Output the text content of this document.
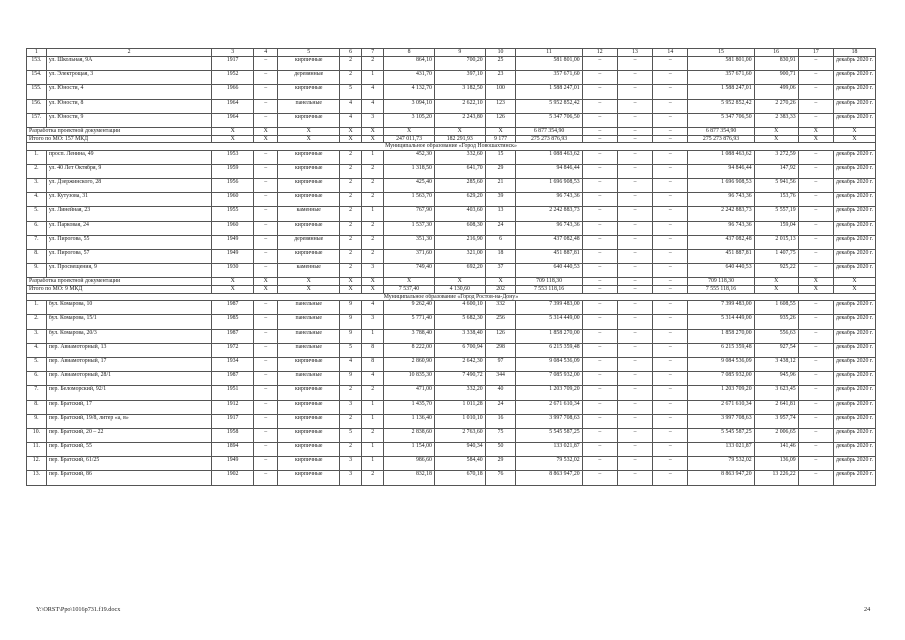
1	2	3	4	5	6	7	8	9	10	11	12	13	14	15	16	17	18
153.	ул. Школьная, 9А	1917	–	кирпичные	2	2	864,10	700,20	25	581 801,00	–	–	–	581 801,00	830,91	–	декабрь 2020 г.
154.	ул. Электрощая, 3	1952	–	деревянные	2	1	431,70	397,10	23	357 671,60	–	–	–	357 671,60	900,71	–	декабрь 2020 г.
155.	ул. Юности, 4	1966	–	кирпичные	5	4	4 132,70	3 182,50	100	1 588 247,01	–	–	–	1 588 247,01	499,06	–	декабрь 2020 г.
156.	ул. Юности, 8	1964	–	панельные	4	4	3 094,10	2 622,10	123	5 952 852,42	–	–	–	5 952 852,42	2 270,26	–	декабрь 2020 г.
157.	ул. Юности, 9	1964	–	кирпичные	4	3	3 105,20	2 243,80	126	5 347 706,50	–	–	–	5 347 706,50	2 383,33	–	декабрь 2020 г.
Разработка проектной документации		X	X	X	X	X	X	X	X	6 877 354,90	–	–	–	6 877 354,90	X	X	X
Итого по МО: 157 МКД		X	X	X	X	X	247 011,73	182 291,93	9 177	275 273 876,93	–	–	–	275 273 876,93	X	X	X
Муниципальное образование «Город Новошахтинск»																	
1.	просп. Ленина, 49	1953	–	кирпичные	2	1	452,30	332,60	15	1 088 463,62	–	–	–	1 088 463,62	3 272,59	–	декабрь 2020 г.
2.	ул. 40 Лет Октября, 9	1959	–	кирпичные	2	2	1 318,50	641,70	29	94 846,44	–	–	–	94 846,44	147,92	–	декабрь 2020 г.
3.	ул. Дзержинского, 28	1956	–	кирпичные	2	2	425,40	285,60	21	1 696 908,53	–	–	–	1 696 908,53	5 941,56	–	декабрь 2020 г.
4.	ул. Кутузова, 31	1960	–	кирпичные	2	2	1 563,70	629,20	39	96 743,36	–	–	–	96 743,36	153,76	–	декабрь 2020 г.
5.	ул. Линейная, 23	1955	–	каменные	2	1	767,90	403,60	13	2 242 883,73	–	–	–	2 242 883,73	5 557,19	–	декабрь 2020 г.
6.	ул. Парковая, 24	1960	–	кирпичные	2	2	1 537,30	608,30	24	96 743,36	–	–	–	96 743,36	159,04	–	декабрь 2020 г.
7.	ул. Пирогова, 55	1949	–	деревянные	2	2	351,30	216,90	6	437 082,48	–	–	–	437 082,48	2 015,13	–	декабрь 2020 г.
8.	ул. Пирогова, 57	1949	–	кирпичные	2	2	371,60	321,00	18	451 887,81	–	–	–	451 887,81	1 407,75	–	декабрь 2020 г.
9.	ул. Просвещения, 9	1930	–	каменные	2	3	749,40	692,20	37	640 440,53	–	–	–	640 440,53	925,22	–	декабрь 2020 г.
Разработка проектной документации		X	X	X	X	X	X	X	X	709 118,30	–	–	–	709 118,30	X	X	X
Итого по МО: 9 МКД		X	X	X	X	X	7 537,40	4 130,60	202	7 553 118,16	–	–	–	7 555 118,16	X	X	X
Муниципальное образование «Город Ростов-на-Дону»																	
1.	бул. Комарова, 10	1987	–	панельные	9	4	9 262,40	4 600,10	332	7 399 483,00	–	–	–	7 399 483,00	1 608,55	–	декабрь 2020 г.
2.	бул. Комарова, 15/1	1985	–	панельные	9	3	5 771,40	5 682,30	256	5 314 449,00	–	–	–	5 314 449,00	935,26	–	декабрь 2020 г.
3.	бул. Комарова, 20/3	1987	–	панельные	9	1	3 788,40	3 338,40	126	1 858 270,00	–	–	–	1 858 270,00	556,63	–	декабрь 2020 г.
4.	пер. Авиамоторный, 13	1972	–	панельные	5	8	8 222,00	6 700,94	298	6 215 359,48	–	–	–	6 215 359,48	927,54	–	декабрь 2020 г.
5.	пер. Авиамоторный, 17	1934	–	кирпичные	4	8	2 860,90	2 642,30	97	9 084 536,09	–	–	–	9 084 536,09	3 438,12	–	декабрь 2020 г.
6.	пер. Авиамоторный, 28/1	1987	–	панельные	9	4	10 835,30	7 490,72	344	7 085 932,00	–	–	–	7 085 932,00	945,96	–	декабрь 2020 г.
7.	пер. Беломорский, 92/1	1951	–	кирпичные	2	2	471,00	332,20	40	1 203 709,20	–	–	–	1 203 709,20	3 623,45	–	декабрь 2020 г.
8.	пер. Братский, 17	1912	–	кирпичные	3	1	1 435,70	1 011,28	24	2 671 610,34	–	–	–	2 671 610,34	2 641,81	–	декабрь 2020 г.
9.	пер. Братский, 19/8, литер «а, в»	1917	–	кирпичные	2	1	1 136,40	1 010,10	16	3 997 708,63	–	–	–	3 997 708,63	3 957,74	–	декабрь 2020 г.
10.	пер. Братский, 20 – 22	1958	–	кирпичные	5	2	2 838,60	2 763,60	75	5 545 587,25	–	–	–	5 545 587,25	2 006,65	–	декабрь 2020 г.
11.	пер. Братский, 55	1894	–	кирпичные	2	1	1 154,00	940,34	50	133 021,87	–	–	–	133 021,87	141,46	–	декабрь 2020 г.
12.	пер. Братский, 61/25	1949	–	кирпичные	3	1	986,60	584,40	29	79 532,02	–	–	–	79 532,02	136,09	–	декабрь 2020 г.
13.	пер. Братский, 86	1902	–	кирпичные	3	2	832,18	670,18	76	8 863 947,20	–	–	–	8 863 947,20	13 226,22	–	декабрь 2020 г.
Y:\ORST\Ppo\1016p731.f19.docx	24
